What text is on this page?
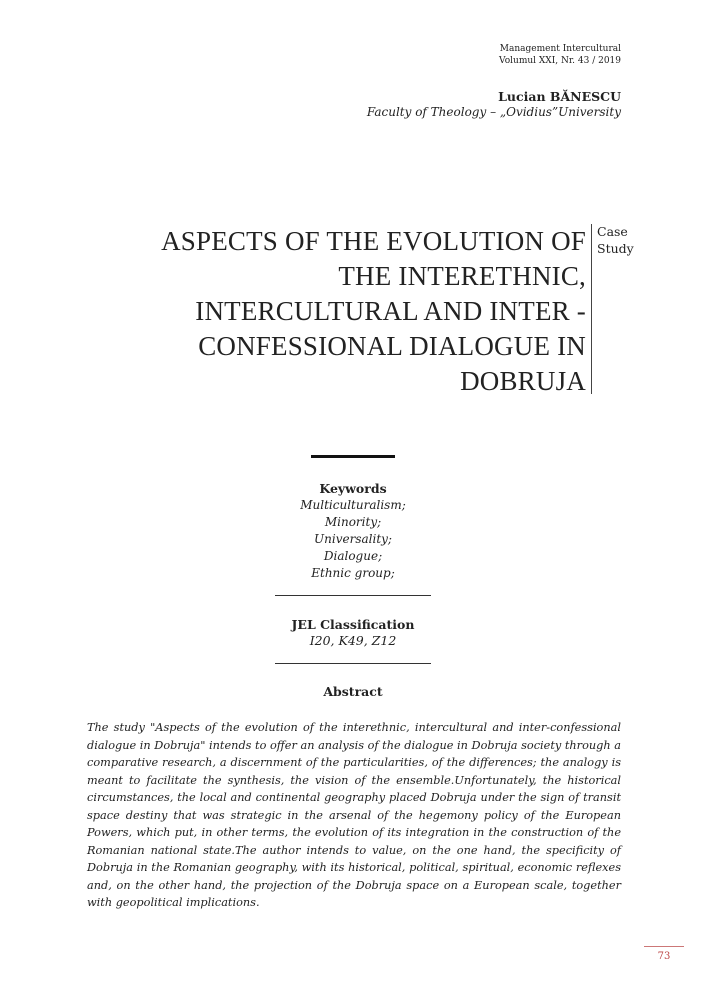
Management Intercultural
Volumul XXI, Nr. 43 / 2019
Lucian BĂNESCU
Faculty of Theology – „Ovidius”University
ASPECTS OF THE EVOLUTION OF
THE INTERETHNIC,
INTERCULTURAL AND INTER -
CONFESSIONAL DIALOGUE IN
DOBRUJA
Case
Study
Keywords
Multiculturalism;
Minority;
Universality;
Dialogue;
Ethnic group;
JEL Classification
I20, K49, Z12
Abstract
The study "Aspects of the evolution of the interethnic, intercultural and inter-confessional dialogue in Dobruja" intends to offer an analysis of the dialogue in Dobruja society through a comparative research, a discernment of the particularities, of the differences; the analogy is meant to facilitate the synthesis, the vision of the ensemble.Unfortunately, the historical circumstances, the local and continental geography placed Dobruja under the sign of transit space destiny that was strategic in the arsenal of the hegemony policy of the European Powers, which put, in other terms, the evolution of its integration in the construction of the Romanian national state.The author intends to value, on the one hand, the specificity of Dobruja in the Romanian geography, with its historical, political, spiritual, economic reflexes and, on the other hand, the projection of the Dobruja space on a European scale, together with geopolitical implications.
73
